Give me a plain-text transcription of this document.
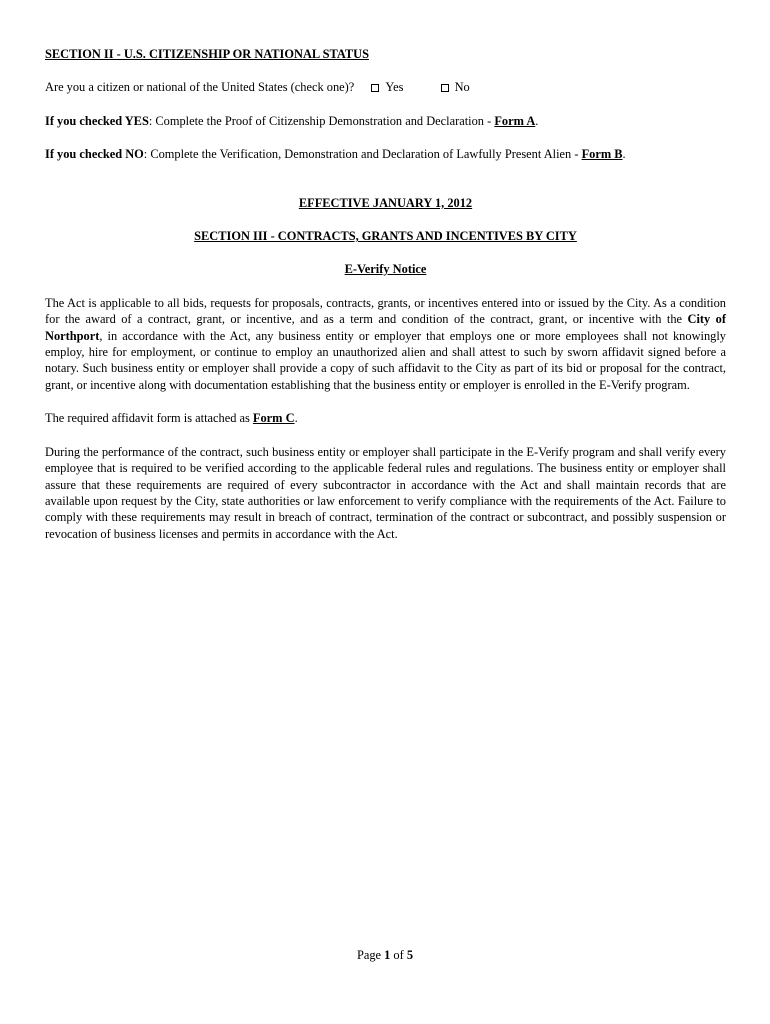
SECTION II - U.S. CITIZENSHIP OR NATIONAL STATUS

Are you a citizen or national of the United States (check one)?	Yes	No

If you checked YES: Complete the Proof of Citizenship Demonstration and Declaration - Form A.

If you checked NO: Complete the Verification, Demonstration and Declaration of Lawfully Present Alien - Form B.

EFFECTIVE JANUARY 1, 2012

SECTION III - CONTRACTS, GRANTS AND INCENTIVES BY CITY

E-Verify Notice

The Act is applicable to all bids, requests for proposals, contracts, grants, or incentives entered into or issued by the City. As a condition for the award of a contract, grant, or incentive, and as a term and condition of the contract, grant, or incentive with the City of Northport, in accordance with the Act, any business entity or employer that employs one or more employees shall not knowingly employ, hire for employment, or continue to employ an unauthorized alien and shall attest to such by sworn affidavit signed before a notary. Such business entity or employer shall provide a copy of such affidavit to the City as part of its bid or proposal for the contract, grant, or incentive along with documentation establishing that the business entity or employer is enrolled in the E-Verify program.

The required affidavit form is attached as Form C.

During the performance of the contract, such business entity or employer shall participate in the E-Verify program and shall verify every employee that is required to be verified according to the applicable federal rules and regulations. The business entity or employer shall assure that these requirements are required of every subcontractor in accordance with the Act and shall maintain records that are available upon request by the City, state authorities or law enforcement to verify compliance with the requirements of the Act. Failure to comply with these requirements may result in breach of contract, termination of the contract or subcontract, and possibly suspension or revocation of business licenses and permits in accordance with the Act.

Page 1 of 5
